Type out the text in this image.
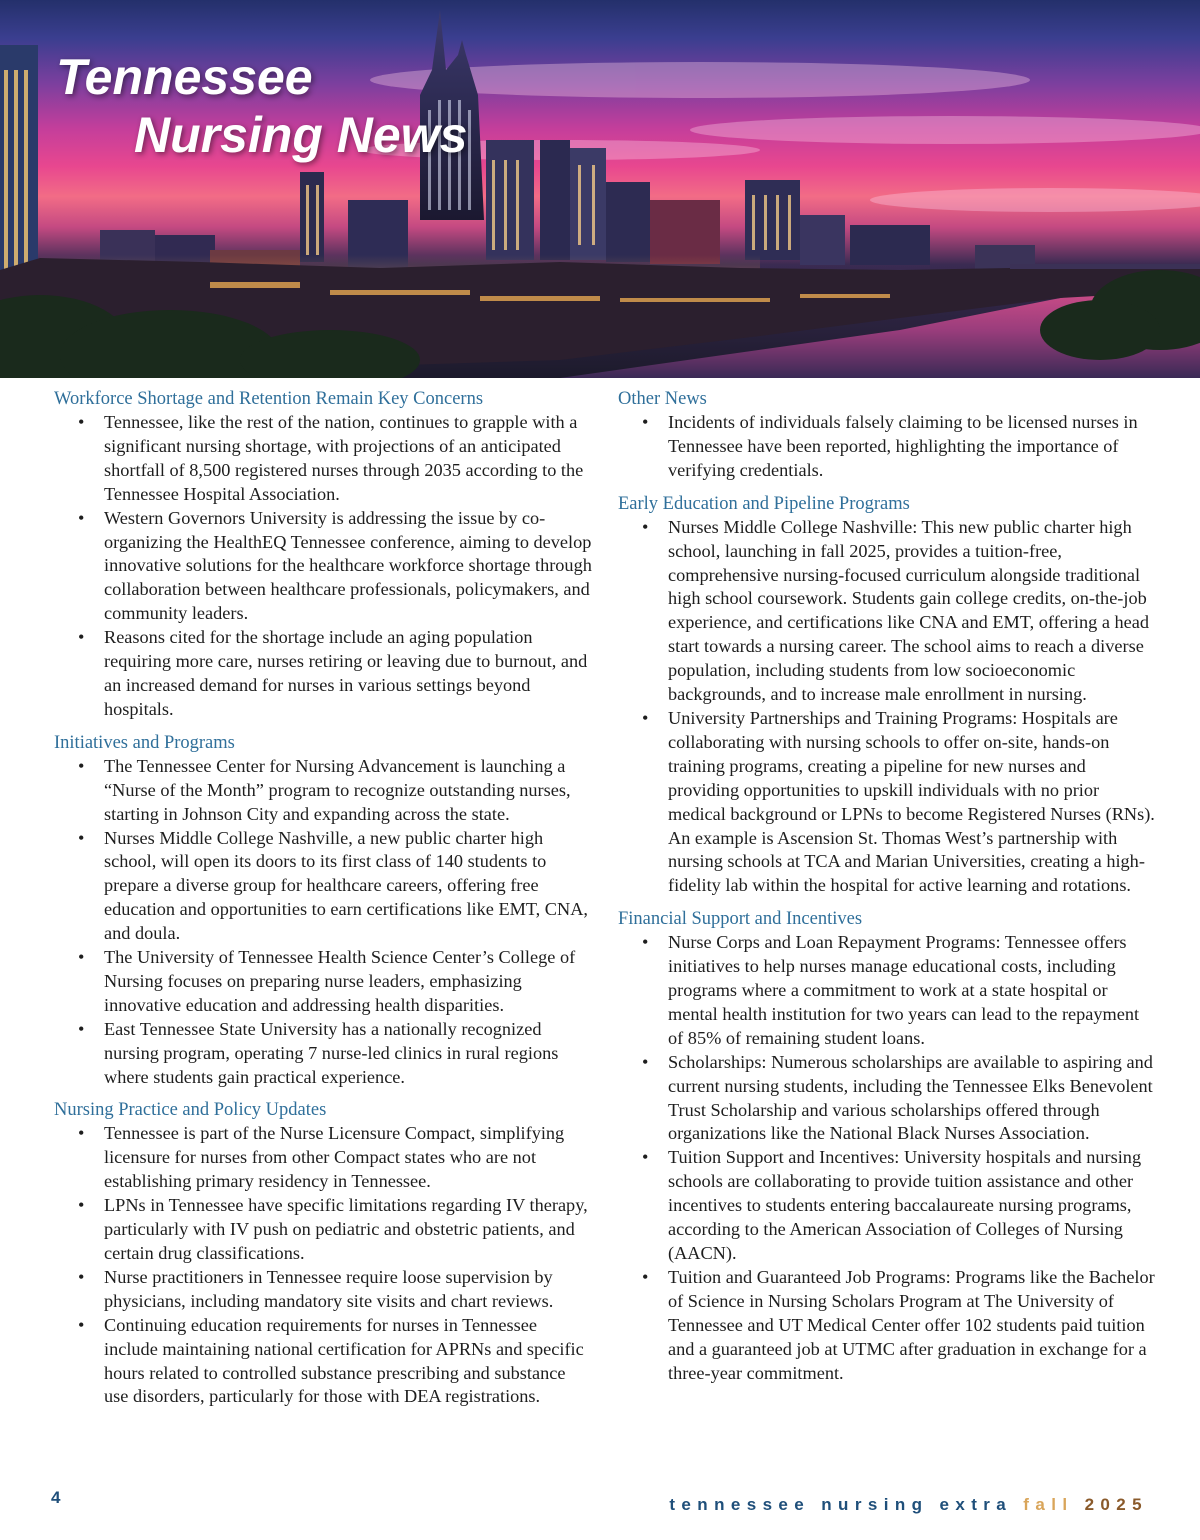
Tennessee
Nursing News
Workforce Shortage and Retention Remain Key Concerns
• Tennessee, like the rest of the nation, continues to grapple with a significant nursing shortage, with projections of an anticipated shortfall of 8,500 registered nurses through 2035 according to the Tennessee Hospital Association.
• Western Governors University is addressing the issue by co-organizing the HealthEQ Tennessee conference, aiming to develop innovative solutions for the healthcare workforce shortage through collaboration between healthcare professionals, policymakers, and community leaders.
• Reasons cited for the shortage include an aging population requiring more care, nurses retiring or leaving due to burnout, and an increased demand for nurses in various settings beyond hospitals.
Initiatives and Programs
• The Tennessee Center for Nursing Advancement is launching a “Nurse of the Month” program to recognize outstanding nurses, starting in Johnson City and expanding across the state.
• Nurses Middle College Nashville, a new public charter high school, will open its doors to its first class of 140 students to prepare a diverse group for healthcare careers, offering free education and opportunities to earn certifications like EMT, CNA, and doula.
• The University of Tennessee Health Science Center’s College of Nursing focuses on preparing nurse leaders, emphasizing innovative education and addressing health disparities.
• East Tennessee State University has a nationally recognized nursing program, operating 7 nurse-led clinics in rural regions where students gain practical experience.
Nursing Practice and Policy Updates
• Tennessee is part of the Nurse Licensure Compact, simplifying licensure for nurses from other Compact states who are not establishing primary residency in Tennessee.
• LPNs in Tennessee have specific limitations regarding IV therapy, particularly with IV push on pediatric and obstetric patients, and certain drug classifications.
• Nurse practitioners in Tennessee require loose supervision by physicians, including mandatory site visits and chart reviews.
• Continuing education requirements for nurses in Tennessee include maintaining national certification for APRNs and specific hours related to controlled substance prescribing and substance use disorders, particularly for those with DEA registrations.
Other News
• Incidents of individuals falsely claiming to be licensed nurses in Tennessee have been reported, highlighting the importance of verifying credentials.
Early Education and Pipeline Programs
• Nurses Middle College Nashville: This new public charter high school, launching in fall 2025, provides a tuition-free, comprehensive nursing-focused curriculum alongside traditional high school coursework. Students gain college credits, on-the-job experience, and certifications like CNA and EMT, offering a head start towards a nursing career. The school aims to reach a diverse population, including students from low socioeconomic backgrounds, and to increase male enrollment in nursing.
• University Partnerships and Training Programs: Hospitals are collaborating with nursing schools to offer on-site, hands-on training programs, creating a pipeline for new nurses and providing opportunities to upskill individuals with no prior medical background or LPNs to become Registered Nurses (RNs). An example is Ascension St. Thomas West’s partnership with nursing schools at TCA and Marian Universities, creating a high-fidelity lab within the hospital for active learning and rotations.
Financial Support and Incentives
• Nurse Corps and Loan Repayment Programs: Tennessee offers initiatives to help nurses manage educational costs, including programs where a commitment to work at a state hospital or mental health institution for two years can lead to the repayment of 85% of remaining student loans.
• Scholarships: Numerous scholarships are available to aspiring and current nursing students, including the Tennessee Elks Benevolent Trust Scholarship and various scholarships offered through organizations like the National Black Nurses Association.
• Tuition Support and Incentives: University hospitals and nursing schools are collaborating to provide tuition assistance and other incentives to students entering baccalaureate nursing programs, according to the American Association of Colleges of Nursing (AACN).
• Tuition and Guaranteed Job Programs: Programs like the Bachelor of Science in Nursing Scholars Program at The University of Tennessee and UT Medical Center offer 102 students paid tuition and a guaranteed job at UTMC after graduation in exchange for a three-year commitment.
4	tennessee nursing extra fall 2025
